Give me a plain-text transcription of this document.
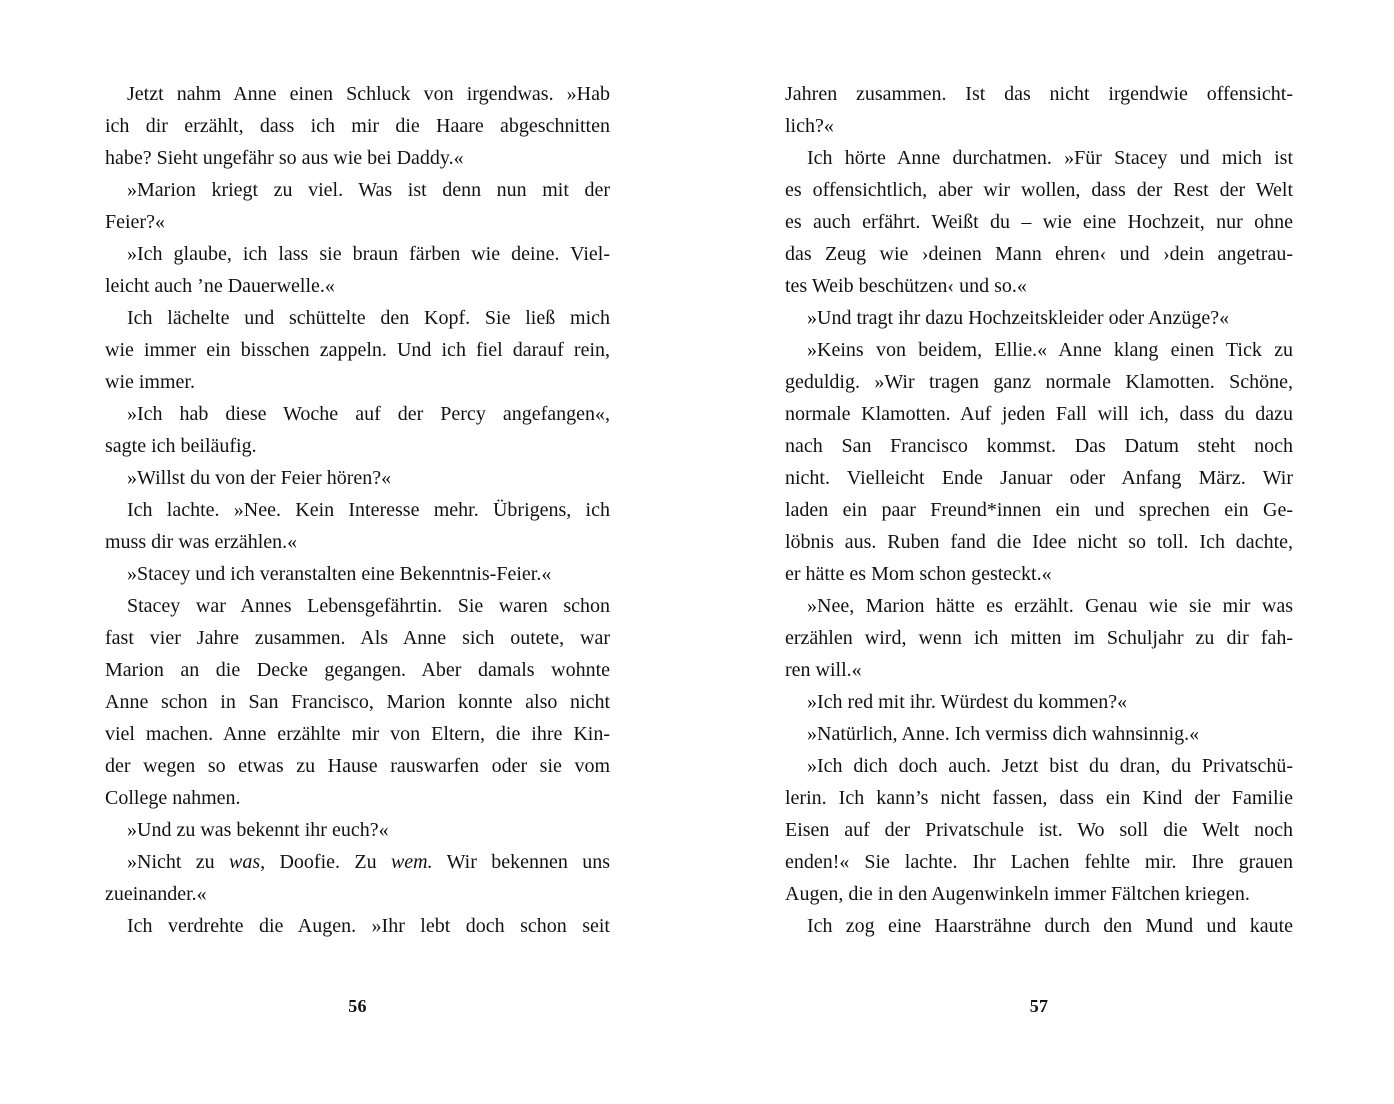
Jetzt nahm Anne einen Schluck von irgendwas. »Hab
ich dir erzählt, dass ich mir die Haare abgeschnitten
habe? Sieht ungefähr so aus wie bei Daddy.«
»Marion kriegt zu viel. Was ist denn nun mit der
Feier?«
»Ich glaube, ich lass sie braun färben wie deine. Viel-
leicht auch ’ne Dauerwelle.«
Ich lächelte und schüttelte den Kopf. Sie ließ mich
wie immer ein bisschen zappeln. Und ich fiel darauf rein,
wie immer.
»Ich hab diese Woche auf der Percy angefangen«,
sagte ich beiläufig.
»Willst du von der Feier hören?«
Ich lachte. »Nee. Kein Interesse mehr. Übrigens, ich
muss dir was erzählen.«
»Stacey und ich veranstalten eine Bekenntnis-Feier.«
Stacey war Annes Lebensgefährtin. Sie waren schon
fast vier Jahre zusammen. Als Anne sich outete, war
Marion an die Decke gegangen. Aber damals wohnte
Anne schon in San Francisco, Marion konnte also nicht
viel machen. Anne erzählte mir von Eltern, die ihre Kin-
der wegen so etwas zu Hause rauswarfen oder sie vom
College nahmen.
»Und zu was bekennt ihr euch?«
»Nicht zu was, Doofie. Zu wem. Wir bekennen uns
zueinander.«
Ich verdrehte die Augen. »Ihr lebt doch schon seit
56
Jahren zusammen. Ist das nicht irgendwie offensicht-
lich?«
Ich hörte Anne durchatmen. »Für Stacey und mich ist
es offensichtlich, aber wir wollen, dass der Rest der Welt
es auch erfährt. Weißt du – wie eine Hochzeit, nur ohne
das Zeug wie ›deinen Mann ehren‹ und ›dein angetrau-
tes Weib beschützen‹ und so.«
»Und tragt ihr dazu Hochzeitskleider oder Anzüge?«
»Keins von beidem, Ellie.« Anne klang einen Tick zu
geduldig. »Wir tragen ganz normale Klamotten. Schöne,
normale Klamotten. Auf jeden Fall will ich, dass du dazu
nach San Francisco kommst. Das Datum steht noch
nicht. Vielleicht Ende Januar oder Anfang März. Wir
laden ein paar Freund*innen ein und sprechen ein Ge-
löbnis aus. Ruben fand die Idee nicht so toll. Ich dachte,
er hätte es Mom schon gesteckt.«
»Nee, Marion hätte es erzählt. Genau wie sie mir was
erzählen wird, wenn ich mitten im Schuljahr zu dir fah-
ren will.«
»Ich red mit ihr. Würdest du kommen?«
»Natürlich, Anne. Ich vermiss dich wahnsinnig.«
»Ich dich doch auch. Jetzt bist du dran, du Privatschü-
lerin. Ich kann’s nicht fassen, dass ein Kind der Familie
Eisen auf der Privatschule ist. Wo soll die Welt noch
enden!« Sie lachte. Ihr Lachen fehlte mir. Ihre grauen
Augen, die in den Augenwinkeln immer Fältchen kriegen.
Ich zog eine Haarsträhne durch den Mund und kaute
57
